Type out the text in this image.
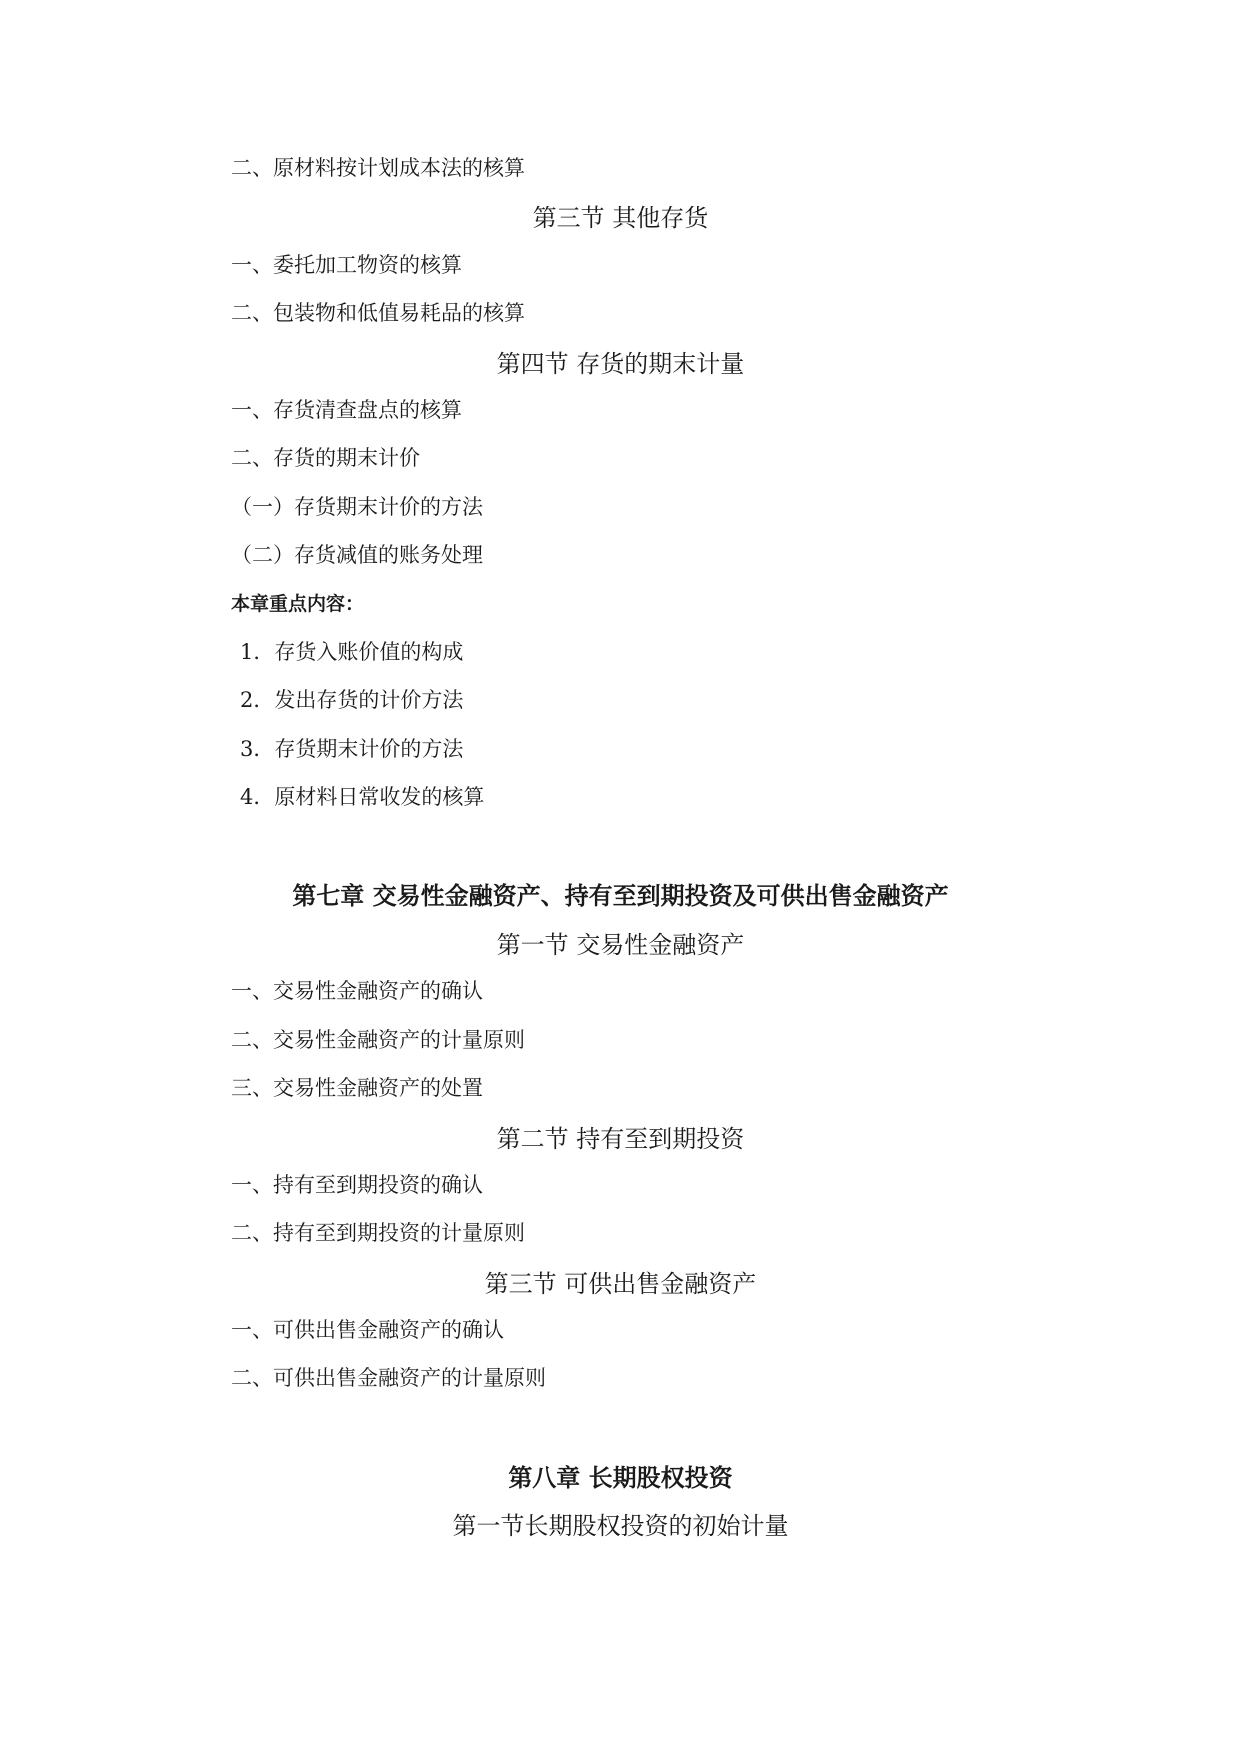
二、原材料按计划成本法的核算
第三节 其他存货
一、委托加工物资的核算
二、包装物和低值易耗品的核算
第四节 存货的期末计量
一、存货清查盘点的核算
二、存货的期末计价
（一）存货期末计价的方法
（二）存货减值的账务处理
本章重点内容：
1．存货入账价值的构成
2．发出存货的计价方法
3．存货期末计价的方法
4．原材料日常收发的核算
第七章 交易性金融资产、持有至到期投资及可供出售金融资产
第一节 交易性金融资产
一、交易性金融资产的确认
二、交易性金融资产的计量原则
三、交易性金融资产的处置
第二节 持有至到期投资
一、持有至到期投资的确认
二、持有至到期投资的计量原则
第三节 可供出售金融资产
一、可供出售金融资产的确认
二、可供出售金融资产的计量原则
第八章 长期股权投资
第一节长期股权投资的初始计量
